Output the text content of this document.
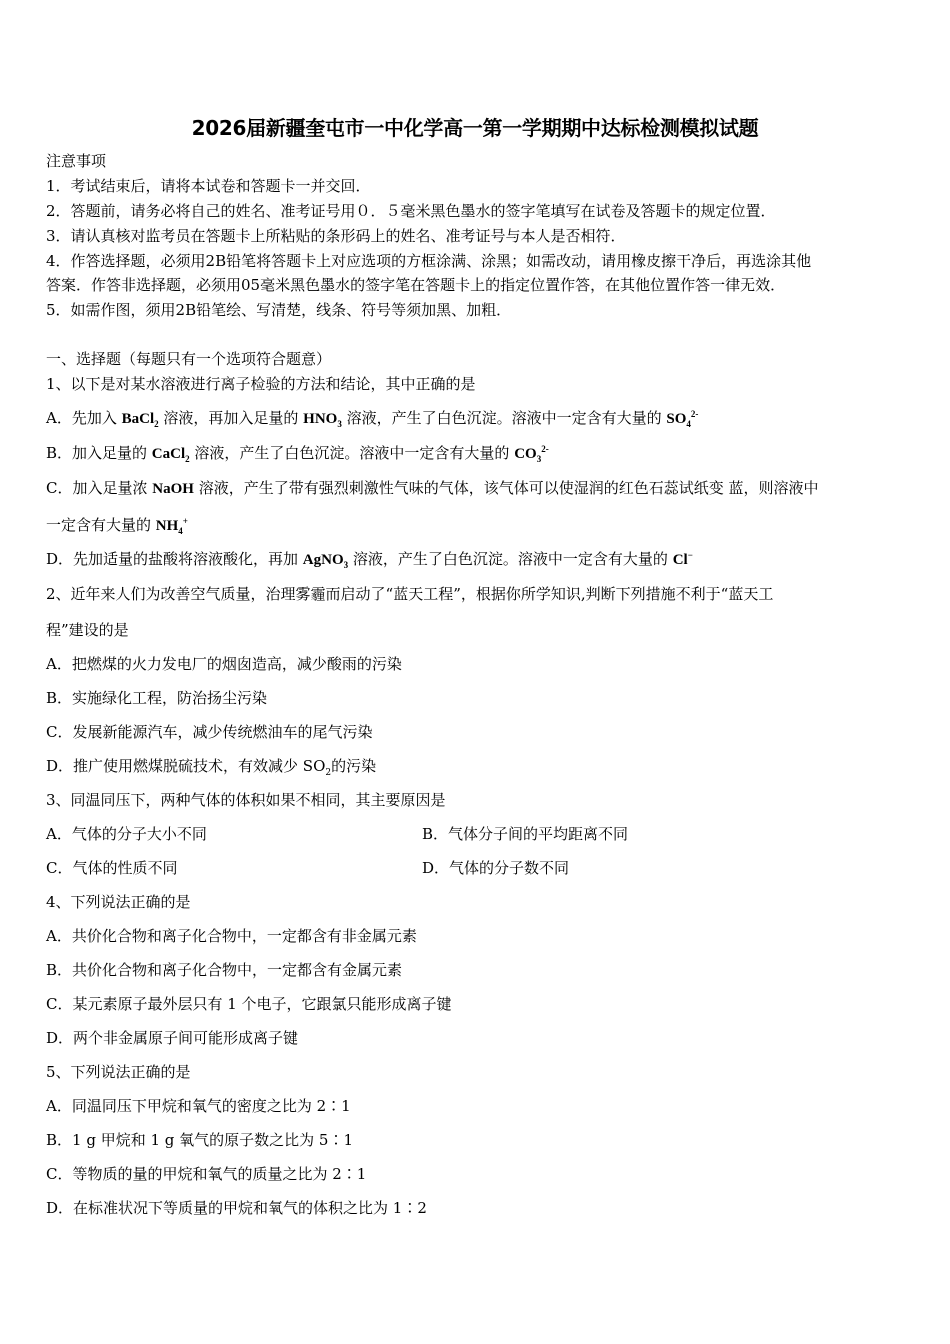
2026届新疆奎屯市一中化学高一第一学期期中达标检测模拟试题
注意事项
1．考试结束后，请将本试卷和答题卡一并交回．
2．答题前，请务必将自己的姓名、准考证号用０．５毫米黑色墨水的签字笔填写在试卷及答题卡的规定位置．
3．请认真核对监考员在答题卡上所粘贴的条形码上的姓名、准考证号与本人是否相符．
4．作答选择题，必须用2B铅笔将答题卡上对应选项的方框涂满、涂黑；如需改动，请用橡皮擦干净后，再选涂其他
答案．作答非选择题，必须用05毫米黑色墨水的签字笔在答题卡上的指定位置作答，在其他位置作答一律无效．
5．如需作图，须用2B铅笔绘、写清楚，线条、符号等须加黑、加粗．
一、选择题（每题只有一个选项符合题意）
1、以下是对某水溶液进行离子检验的方法和结论，其中正确的是
A．先加入 BaCl$_2$ 溶液，再加入足量的 $HNO_3$ 溶液，产生了白色沉淀。溶液中一定含有大量的 $SO_4^{2-}$
B．加入足量的 CaCl$_2$ 溶液，产生了白色沉淀。溶液中一定含有大量的 $CO_3^{2-}$
C．加入足量浓 NaOH 溶液，产生了带有强烈刺激性气味的气体，该气体可以使湿润的红色石蕊试纸变 蓝，则溶液中
一定含有大量的 $NH_4^+$
D．先加适量的盐酸将溶液酸化，再加 AgNO$_3$ 溶液，产生了白色沉淀。溶液中一定含有大量的 Cl−
2、近年来人们为改善空气质量，治理雾霾而启动了“蓝天工程”，根据你所学知识,判断下列措施不利于“蓝天工
程”建设的是
A．把燃煤的火力发电厂的烟囱造高，减少酸雨的污染
B．实施绿化工程，防治扬尘污染
C．发展新能源汽车，减少传统燃油车的尾气污染
D．推广使用燃煤脱硫技术，有效减少 $SO_2$的污染
3、同温同压下，两种气体的体积如果不相同，其主要原因是
A．气体的分子大小不同	B．气体分子间的平均距离不同
C．气体的性质不同	D．气体的分子数不同
4、下列说法正确的是
A．共价化合物和离子化合物中，一定都含有非金属元素
B．共价化合物和离子化合物中，一定都含有金属元素
C．某元素原子最外层只有 1 个电子，它跟氯只能形成离子键
D．两个非金属原子间可能形成离子键
5、下列说法正确的是
A．同温同压下甲烷和氧气的密度之比为 2∶1
B．1 g 甲烷和 1 g 氧气的原子数之比为 5∶1
C．等物质的量的甲烷和氧气的质量之比为 2∶1
D．在标准状况下等质量的甲烷和氧气的体积之比为 1∶2
